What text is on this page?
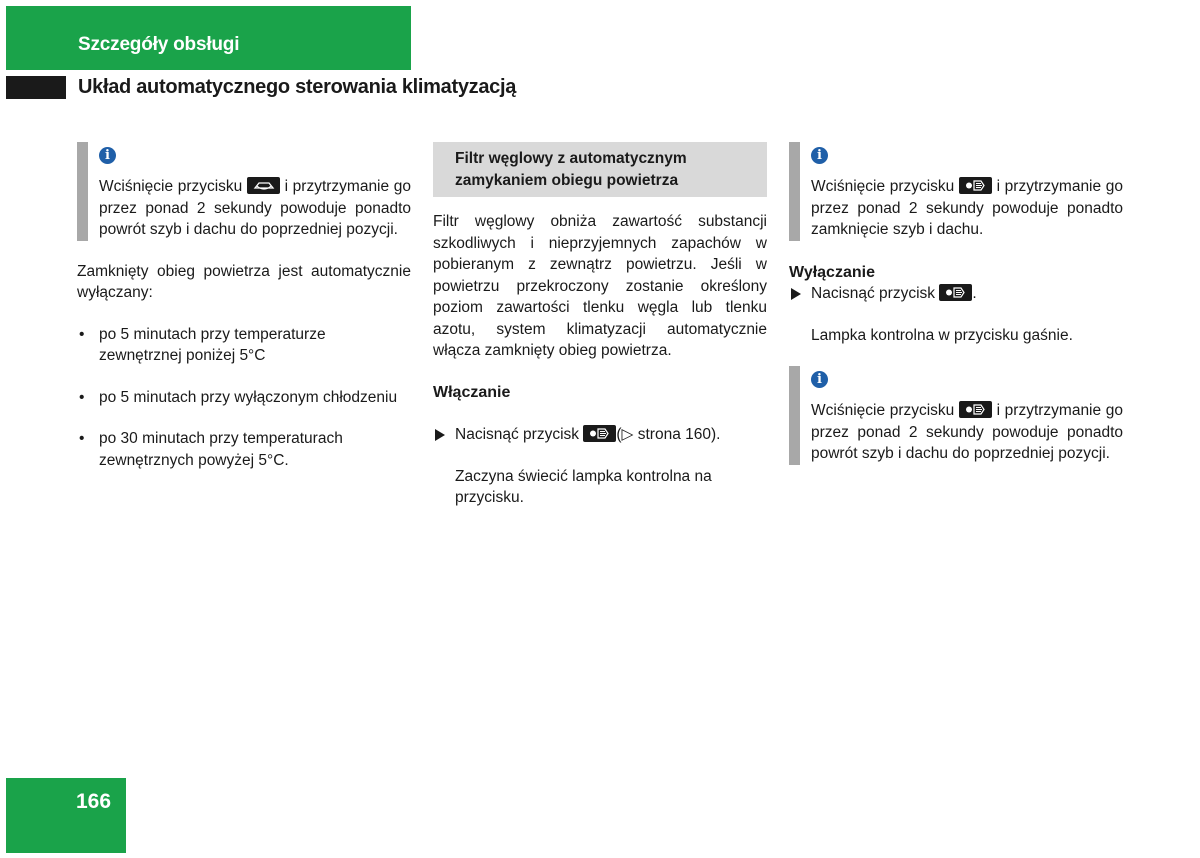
Szczegóły obsługi
Układ automatycznego sterowania klimatyzacją
i

Wciśnięcie przycisku
i przytrzymanie go przez ponad 2 sekundy powoduje ponadto powrót szyb i dachu do poprzedniej pozycji.

Zamknięty obieg powietrza jest automatycznie wyłączany:

• po 5 minutach przy temperaturze zewnętrznej poniżej 5°C
• po 5 minutach przy wyłączonym chłodzeniu
• po 30 minutach przy temperaturach zewnętrznych powyżej 5°C.
Filtr węglowy z automatycznym zamykaniem obiegu powietrza

Filtr węglowy obniża zawartość substancji szkodliwych i nieprzyjemnych zapachów w pobieranym z zewnątrz powietrzu. Jeśli w powietrzu przekroczony zostanie określony poziom zawartości tlenku węgla lub tlenku azotu, system klimatyzacji automatycznie włącza zamknięty obieg powietrza.

Włączanie

Nacisnąć przycisk (▷ strona 160).

Zaczyna świecić lampka kontrolna na przycisku.

i

Wciśnięcie przycisku
i przytrzymanie go przez ponad 2 sekundy powoduje ponadto zamknięcie szyb i dachu.

Wyłączanie

Nacisnąć przycisk .

Lampka kontrolna w przycisku gaśnie.

i

Wciśnięcie przycisku
i przytrzymanie go przez ponad 2 sekundy powoduje ponadto powrót szyb i dachu do poprzedniej pozycji.

166
